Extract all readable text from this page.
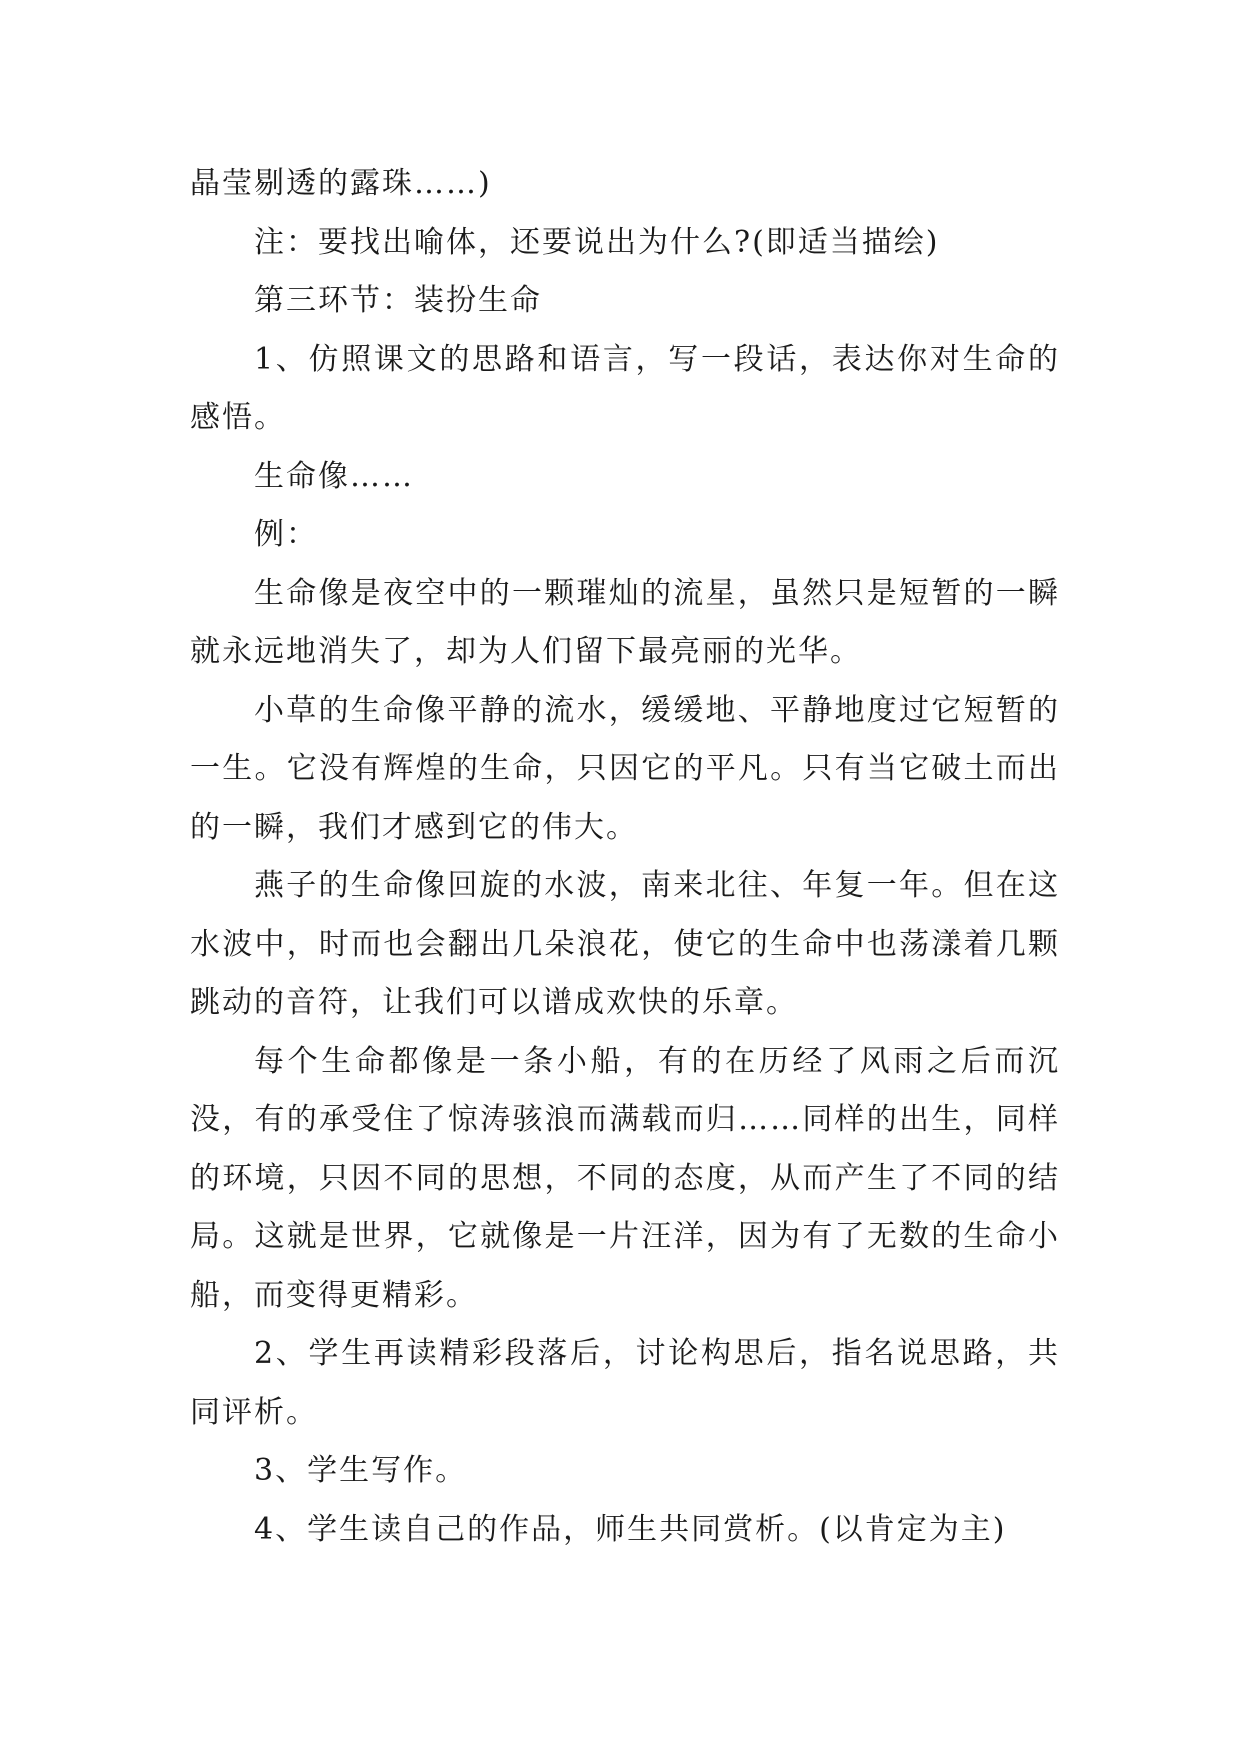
晶莹剔透的露珠……)

注：要找出喻体，还要说出为什么?(即适当描绘)

第三环节：装扮生命

1、仿照课文的思路和语言，写一段话，表达你对生命的感悟。

生命像……

例：

生命像是夜空中的一颗璀灿的流星，虽然只是短暂的一瞬就永远地消失了，却为人们留下最亮丽的光华。

小草的生命像平静的流水，缓缓地、平静地度过它短暂的一生。它没有辉煌的生命，只因它的平凡。只有当它破土而出的一瞬，我们才感到它的伟大。

燕子的生命像回旋的水波，南来北往、年复一年。但在这水波中，时而也会翻出几朵浪花，使它的生命中也荡漾着几颗跳动的音符，让我们可以谱成欢快的乐章。

每个生命都像是一条小船，有的在历经了风雨之后而沉没，有的承受住了惊涛骇浪而满载而归……同样的出生，同样的环境，只因不同的思想，不同的态度，从而产生了不同的结局。这就是世界，它就像是一片汪洋，因为有了无数的生命小船，而变得更精彩。

2、学生再读精彩段落后，讨论构思后，指名说思路，共同评析。

3、学生写作。

4、学生读自己的作品，师生共同赏析。(以肯定为主)
